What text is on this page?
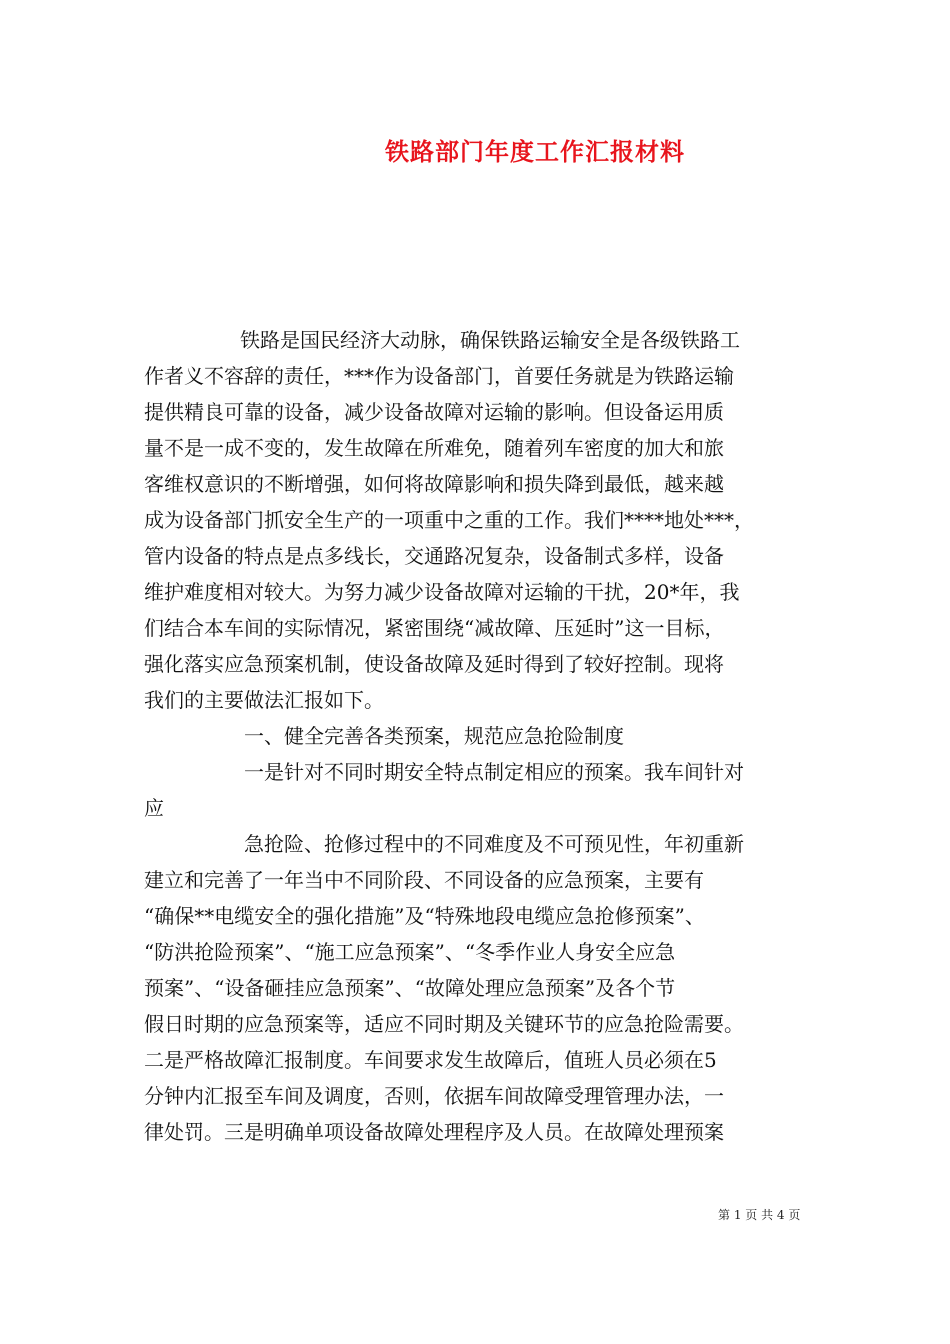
铁路部门年度工作汇报材料
铁路是国民经济大动脉，确保铁路运输安全是各级铁路工
作者义不容辞的责任，***作为设备部门，首要任务就是为铁路运输
提供精良可靠的设备，减少设备故障对运输的影响。但设备运用质
量不是一成不变的，发生故障在所难免，随着列车密度的加大和旅
客维权意识的不断增强，如何将故障影响和损失降到最低，越来越
成为设备部门抓安全生产的一项重中之重的工作。我们****地处***，
管内设备的特点是点多线长，交通路况复杂，设备制式多样，设备
维护难度相对较大。为努力减少设备故障对运输的干扰，20*年，我
们结合本车间的实际情况，紧密围绕“减故障、压延时”这一目标，
强化落实应急预案机制，使设备故障及延时得到了较好控制。现将
我们的主要做法汇报如下。
一、健全完善各类预案，规范应急抢险制度
一是针对不同时期安全特点制定相应的预案。我车间针对
应
急抢险、抢修过程中的不同难度及不可预见性，年初重新
建立和完善了一年当中不同阶段、不同设备的应急预案，主要有
“确保**电缆安全的强化措施”及“特殊地段电缆应急抢修预案”、
“防洪抢险预案”、“施工应急预案”、“冬季作业人身安全应急
预案”、“设备砸挂应急预案”、“故障处理应急预案”及各个节
假日时期的应急预案等，适应不同时期及关键环节的应急抢险需要。
二是严格故障汇报制度。车间要求发生故障后，值班人员必须在5
分钟内汇报至车间及调度，否则，依据车间故障受理管理办法，一
律处罚。三是明确单项设备故障处理程序及人员。在故障处理预案
第 1 页 共 4 页
